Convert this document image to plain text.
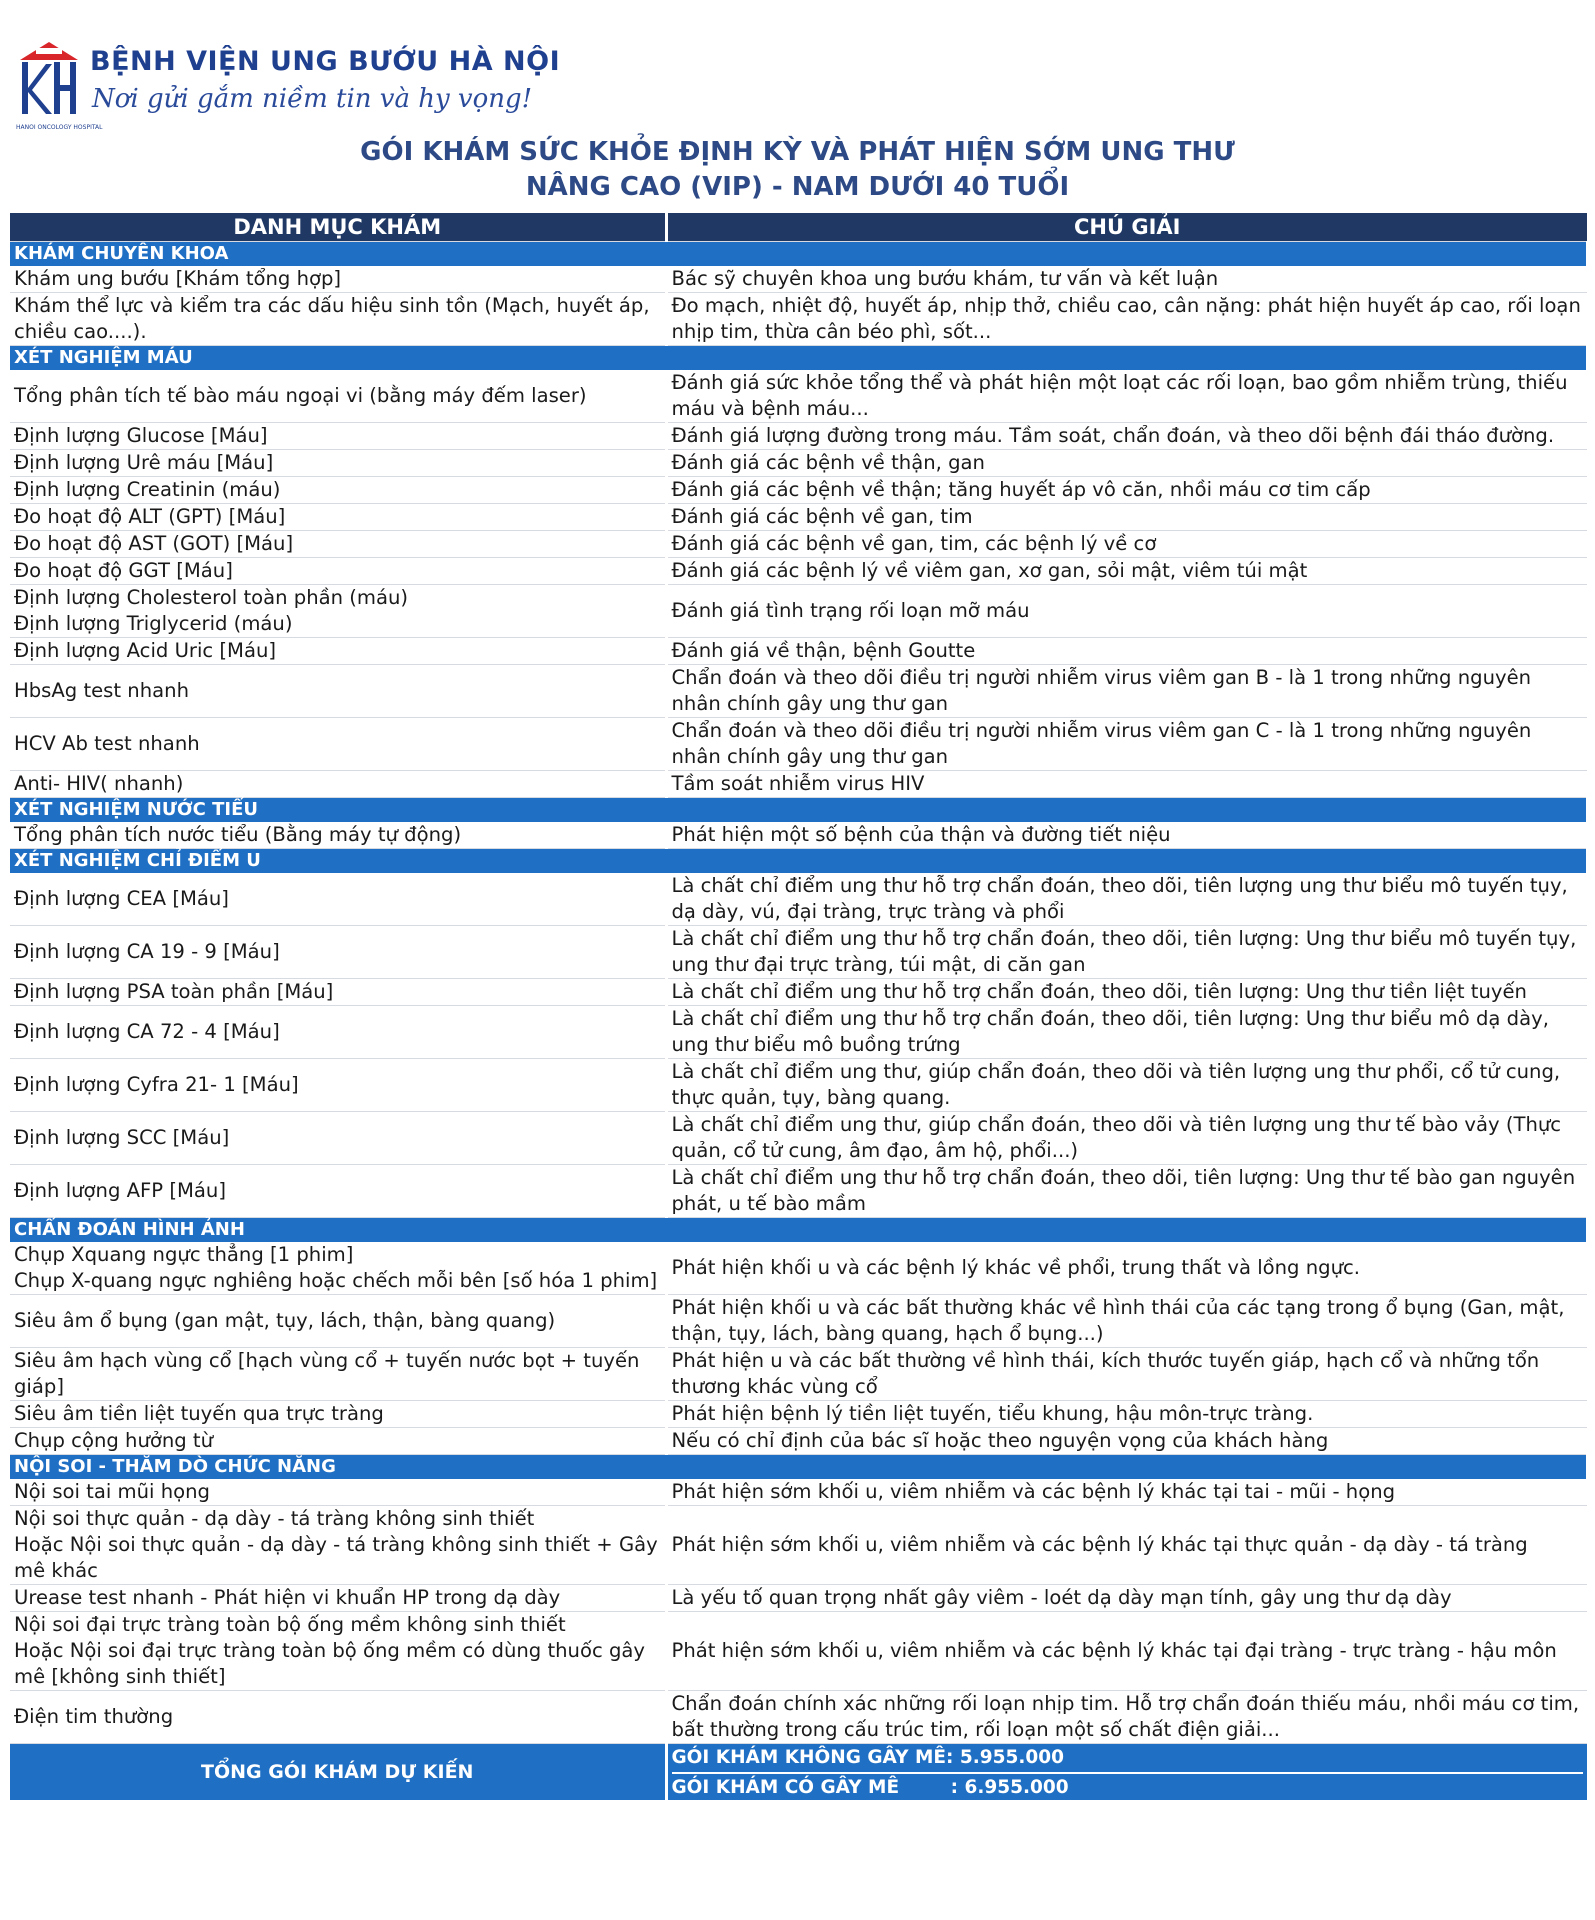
KH
BỆNH VIỆN UNG BƯỚU HÀ NỘI
Nơi gửi gắm niềm tin và hy vọng!
HANOI ONCOLOGY HOSPITAL
GÓI KHÁM SỨC KHỎE ĐỊNH KỲ VÀ PHÁT HIỆN SỚM UNG THƯ
NÂNG CAO (VIP) - NAM DƯỚI 40 TUỔI
DANH MỤC KHÁM	CHÚ GIẢI
KHÁM CHUYÊN KHOA	

Khám ung bướu [Khám tổng hợp]	Bác sỹ chuyên khoa ung bướu khám, tư vấn và kết luận

Khám thể lực và kiểm tra các dấu hiệu sinh tồn (Mạch, huyết áp, chiều cao....).	Đo mạch, nhiệt độ, huyết áp, nhịp thở, chiều cao, cân nặng: phát hiện huyết áp cao, rối loạn nhịp tim, thừa cân béo phì, sốt...
XÉT NGHIỆM MÁU	

Tổng phân tích tế bào máu ngoại vi (bằng máy đếm laser)	Đánh giá sức khỏe tổng thể và phát hiện một loạt các rối loạn, bao gồm nhiễm trùng, thiếu máu và bệnh máu...

Định lượng Glucose [Máu]	Đánh giá lượng đường trong máu. Tầm soát, chẩn đoán, và theo dõi bệnh đái tháo đường.

Định lượng Urê máu [Máu]	Đánh giá các bệnh về thận, gan

Định lượng Creatinin (máu)	Đánh giá các bệnh về thận; tăng huyết áp vô căn, nhồi máu cơ tim cấp

Đo hoạt độ ALT (GPT) [Máu]	Đánh giá các bệnh về gan, tim

Đo hoạt độ AST (GOT) [Máu]	Đánh giá các bệnh về gan, tim, các bệnh lý về cơ

Đo hoạt độ GGT [Máu]	Đánh giá các bệnh lý về viêm gan, xơ gan, sỏi mật, viêm túi mật

Định lượng Cholesterol toàn phần (máu)
Định lượng Triglycerid (máu)	Đánh giá tình trạng rối loạn mỡ máu

Định lượng Acid Uric [Máu]	Đánh giá về thận, bệnh Goutte

HbsAg test nhanh	Chẩn đoán và theo dõi điều trị người nhiễm virus viêm gan B - là 1 trong những nguyên nhân chính gây ung thư gan

HCV Ab test nhanh	Chẩn đoán và theo dõi điều trị người nhiễm virus viêm gan C - là 1 trong những nguyên nhân chính gây ung thư gan

Anti- HIV( nhanh)	Tầm soát nhiễm virus HIV
XÉT NGHIỆM NƯỚC TIỂU	

Tổng phân tích nước tiểu (Bằng máy tự động)	Phát hiện một số bệnh của thận và đường tiết niệu
XÉT NGHIỆM CHỈ ĐIỂM U	

Định lượng CEA [Máu]	Là chất chỉ điểm ung thư hỗ trợ chẩn đoán, theo dõi, tiên lượng ung thư biểu mô tuyến tụy, dạ dày, vú, đại tràng, trực tràng và phổi

Định lượng CA 19 - 9 [Máu]	Là chất chỉ điểm ung thư hỗ trợ chẩn đoán, theo dõi, tiên lượng: Ung thư biểu mô tuyến tụy, ung thư đại trực tràng, túi mật, di căn gan

Định lượng PSA toàn phần [Máu]	Là chất chỉ điểm ung thư hỗ trợ chẩn đoán, theo dõi, tiên lượng: Ung thư tiền liệt tuyến

Định lượng CA 72 - 4 [Máu]	Là chất chỉ điểm ung thư hỗ trợ chẩn đoán, theo dõi, tiên lượng: Ung thư biểu mô dạ dày, ung thư biểu mô buồng trứng

Định lượng Cyfra 21- 1 [Máu]	Là chất chỉ điểm ung thư, giúp chẩn đoán, theo dõi và tiên lượng ung thư phổi, cổ tử cung, thực quản, tụy, bàng quang.

Định lượng SCC [Máu]	Là chất chỉ điểm ung thư, giúp chẩn đoán, theo dõi và tiên lượng ung thư tế bào vảy (Thực quản, cổ tử cung, âm đạo, âm hộ, phổi...)

Định lượng AFP [Máu]	Là chất chỉ điểm ung thư hỗ trợ chẩn đoán, theo dõi, tiên lượng: Ung thư tế bào gan nguyên phát, u tế bào mầm
CHẨN ĐOÁN HÌNH ẢNH	

Chụp Xquang ngực thẳng [1 phim]
Chụp X-quang ngực nghiêng hoặc chếch mỗi bên [số hóa 1 phim]	Phát hiện khối u và các bệnh lý khác về phổi, trung thất và lồng ngực.

Siêu âm ổ bụng (gan mật, tụy, lách, thận, bàng quang)	Phát hiện khối u và các bất thường khác về hình thái của các tạng trong ổ bụng (Gan, mật, thận, tụy, lách, bàng quang, hạch ổ bụng...)

Siêu âm hạch vùng cổ [hạch vùng cổ + tuyến nước bọt + tuyến giáp]	Phát hiện u và các bất thường về hình thái, kích thước tuyến giáp, hạch cổ và những tổn thương khác vùng cổ

Siêu âm tiền liệt tuyến qua trực tràng	Phát hiện bệnh lý tiền liệt tuyến, tiểu khung, hậu môn-trực tràng.

Chụp cộng hưởng từ	Nếu có chỉ định của bác sĩ hoặc theo nguyện vọng của khách hàng
NỘI SOI - THĂM DÒ CHỨC NĂNG	

Nội soi tai mũi họng	Phát hiện sớm khối u, viêm nhiễm và các bệnh lý khác tại tai - mũi - họng

Nội soi thực quản - dạ dày - tá tràng không sinh thiết
Hoặc Nội soi thực quản - dạ dày - tá tràng không sinh thiết + Gây mê khác	Phát hiện sớm khối u, viêm nhiễm và các bệnh lý khác tại thực quản - dạ dày - tá tràng

Urease test nhanh - Phát hiện vi khuẩn HP trong dạ dày	Là yếu tố quan trọng nhất gây viêm - loét dạ dày mạn tính, gây ung thư dạ dày

Nội soi đại trực tràng toàn bộ ống mềm không sinh thiết
Hoặc Nội soi đại trực tràng toàn bộ ống mềm có dùng thuốc gây mê [không sinh thiết]	Phát hiện sớm khối u, viêm nhiễm và các bệnh lý khác tại đại tràng - trực tràng - hậu môn

Điện tim thường	Chẩn đoán chính xác những rối loạn nhịp tim. Hỗ trợ chẩn đoán thiếu máu, nhồi máu cơ tim, bất thường trong cấu trúc tim, rối loạn một số chất điện giải...
TỔNG GÓI KHÁM DỰ KIẾN	GÓI KHÁM KHÔNG GÂY MÊ: 5.955.000
GÓI KHÁM CÓ GÂY MÊ        : 6.955.000
